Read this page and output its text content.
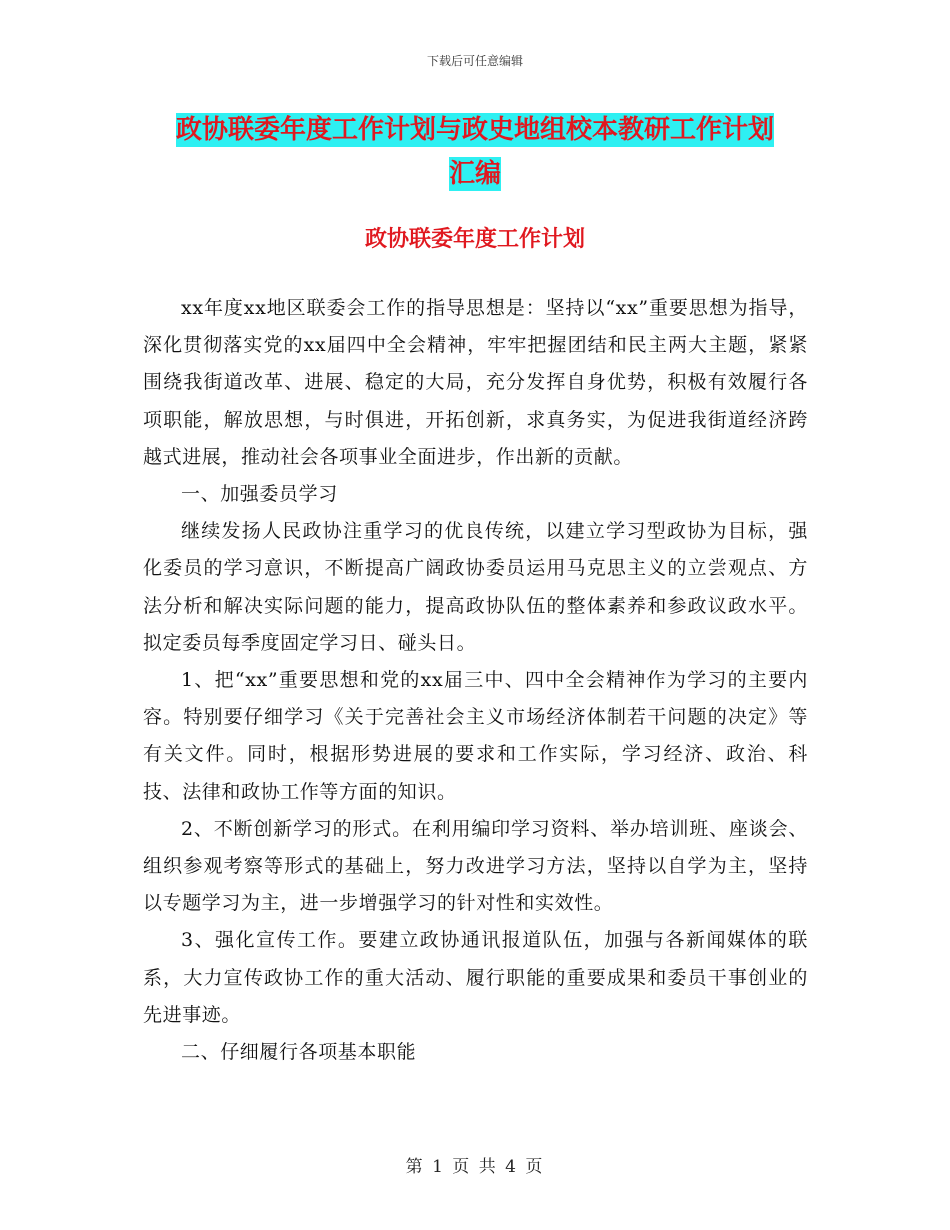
下载后可任意编辑
政协联委年度工作计划与政史地组校本教研工作计划
汇编
政协联委年度工作计划

xx年度xx地区联委会工作的指导思想是：坚持以“xx”重要思想为指导，深化贯彻落实党的xx届四中全会精神，牢牢把握团结和民主两大主题，紧紧围绕我街道改革、进展、稳定的大局，充分发挥自身优势，积极有效履行各项职能，解放思想，与时俱进，开拓创新，求真务实，为促进我街道经济跨越式进展，推动社会各项事业全面进步，作出新的贡献。

一、加强委员学习

继续发扬人民政协注重学习的优良传统，以建立学习型政协为目标，强化委员的学习意识，不断提高广阔政协委员运用马克思主义的立尝观点、方法分析和解决实际问题的能力，提高政协队伍的整体素养和参政议政水平。拟定委员每季度固定学习日、碰头日。

1、把“xx”重要思想和党的xx届三中、四中全会精神作为学习的主要内容。特别要仔细学习《关于完善社会主义市场经济体制若干问题的决定》等有关文件。同时，根据形势进展的要求和工作实际，学习经济、政治、科技、法律和政协工作等方面的知识。

2、不断创新学习的形式。在利用编印学习资料、举办培训班、座谈会、组织参观考察等形式的基础上，努力改进学习方法，坚持以自学为主，坚持以专题学习为主，进一步增强学习的针对性和实效性。

3、强化宣传工作。要建立政协通讯报道队伍，加强与各新闻媒体的联系，大力宣传政协工作的重大活动、履行职能的重要成果和委员干事创业的先进事迹。

二、仔细履行各项基本职能

第 1 页 共 4 页
